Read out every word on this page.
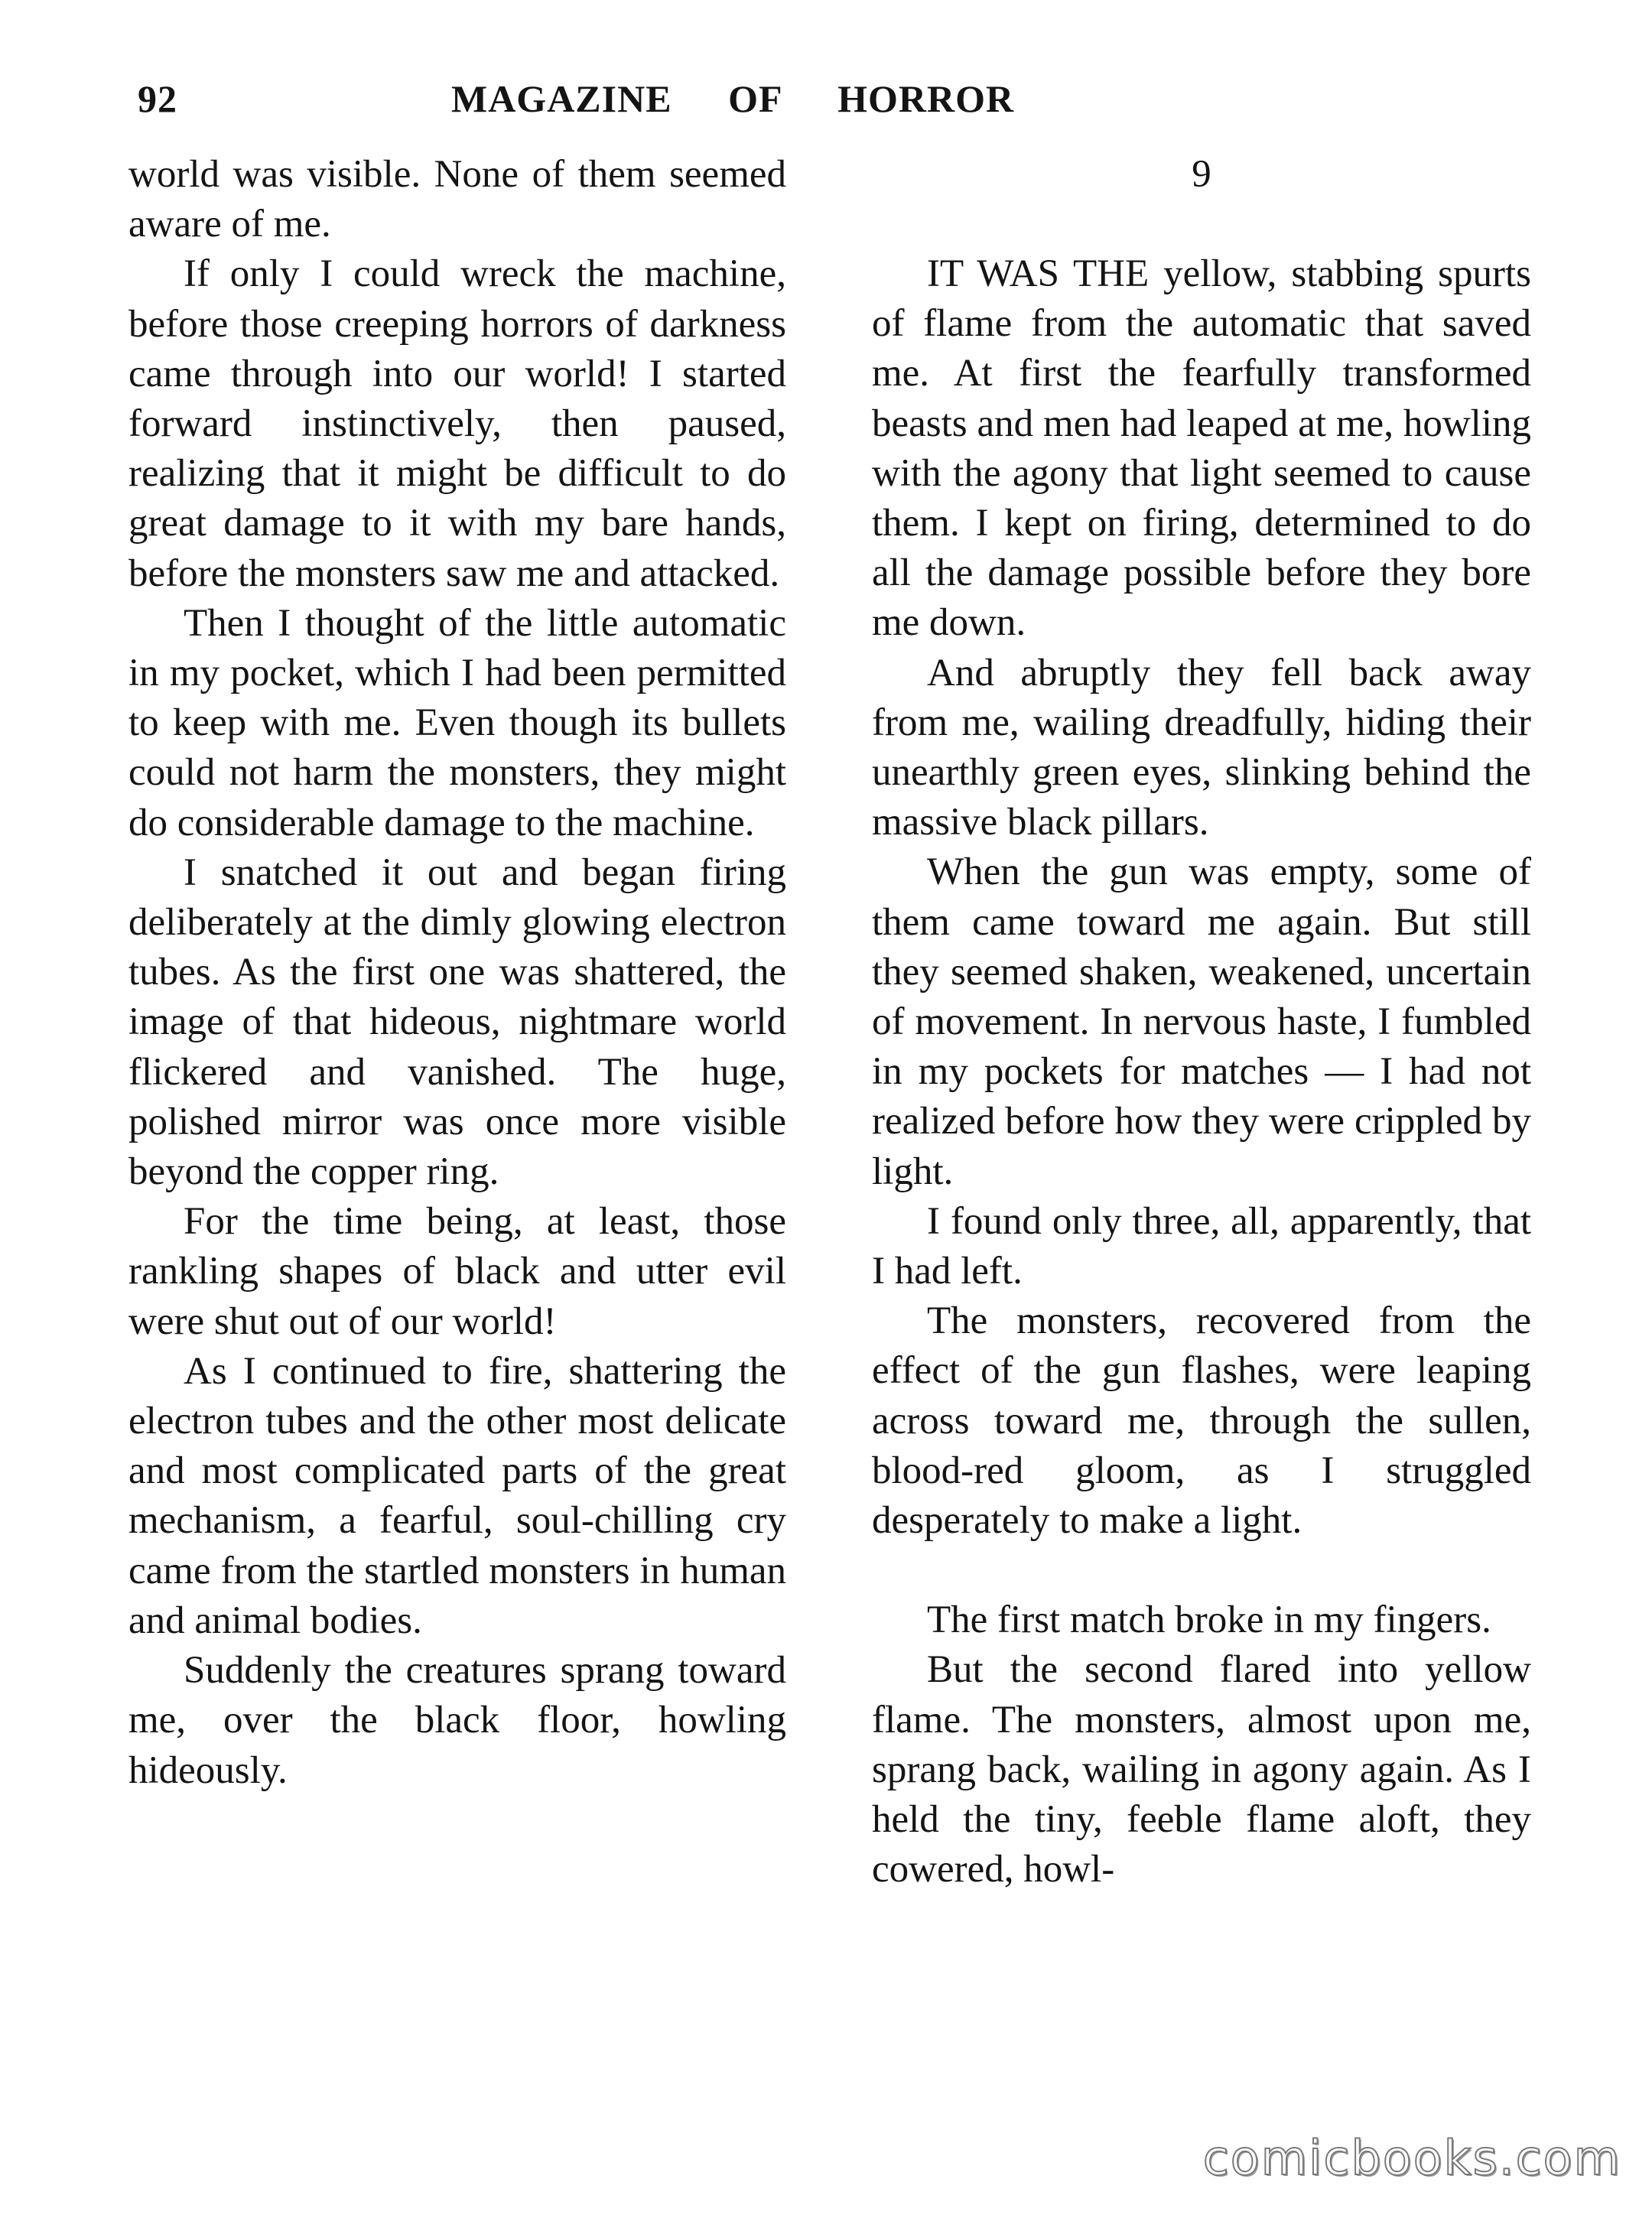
92	MAGAZINE OF HORROR

world was visible. None of them seemed aware of me.

If only I could wreck the machine, before those creeping horrors of darkness came through into our world! I started forward instinctively, then paused, realizing that it might be difficult to do great damage to it with my bare hands, before the monsters saw me and attacked.

Then I thought of the little automatic in my pocket, which I had been permitted to keep with me. Even though its bullets could not harm the monsters, they might do considerable damage to the machine.

I snatched it out and began firing deliberately at the dimly glowing electron tubes. As the first one was shattered, the image of that hideous, nightmare world flickered and vanished. The huge, polished mirror was once more visible beyond the copper ring.

For the time being, at least, those rankling shapes of black and utter evil were shut out of our world!

As I continued to fire, shattering the electron tubes and the other most delicate and most complicated parts of the great mechanism, a fearful, soul-chilling cry came from the startled monsters in human and animal bodies.

Suddenly the creatures sprang toward me, over the black floor, howling hideously.

9

IT WAS THE yellow, stabbing spurts of flame from the automatic that saved me. At first the fearfully transformed beasts and men had leaped at me, howling with the agony that light seemed to cause them. I kept on firing, determined to do all the damage possible before they bore me down.

And abruptly they fell back away from me, wailing dreadfully, hiding their unearthly green eyes, slinking behind the massive black pillars.

When the gun was empty, some of them came toward me again. But still they seemed shaken, weakened, uncertain of movement. In nervous haste, I fumbled in my pockets for matches — I had not realized before how they were crippled by light.

I found only three, all, apparently, that I had left.

The monsters, recovered from the effect of the gun flashes, were leaping across toward me, through the sullen, blood-red gloom, as I struggled desperately to make a light.

The first match broke in my fingers.

But the second flared into yellow flame. The monsters, almost upon me, sprang back, wailing in agony again. As I held the tiny, feeble flame aloft, they cowered, howl-

comicbooks.com
